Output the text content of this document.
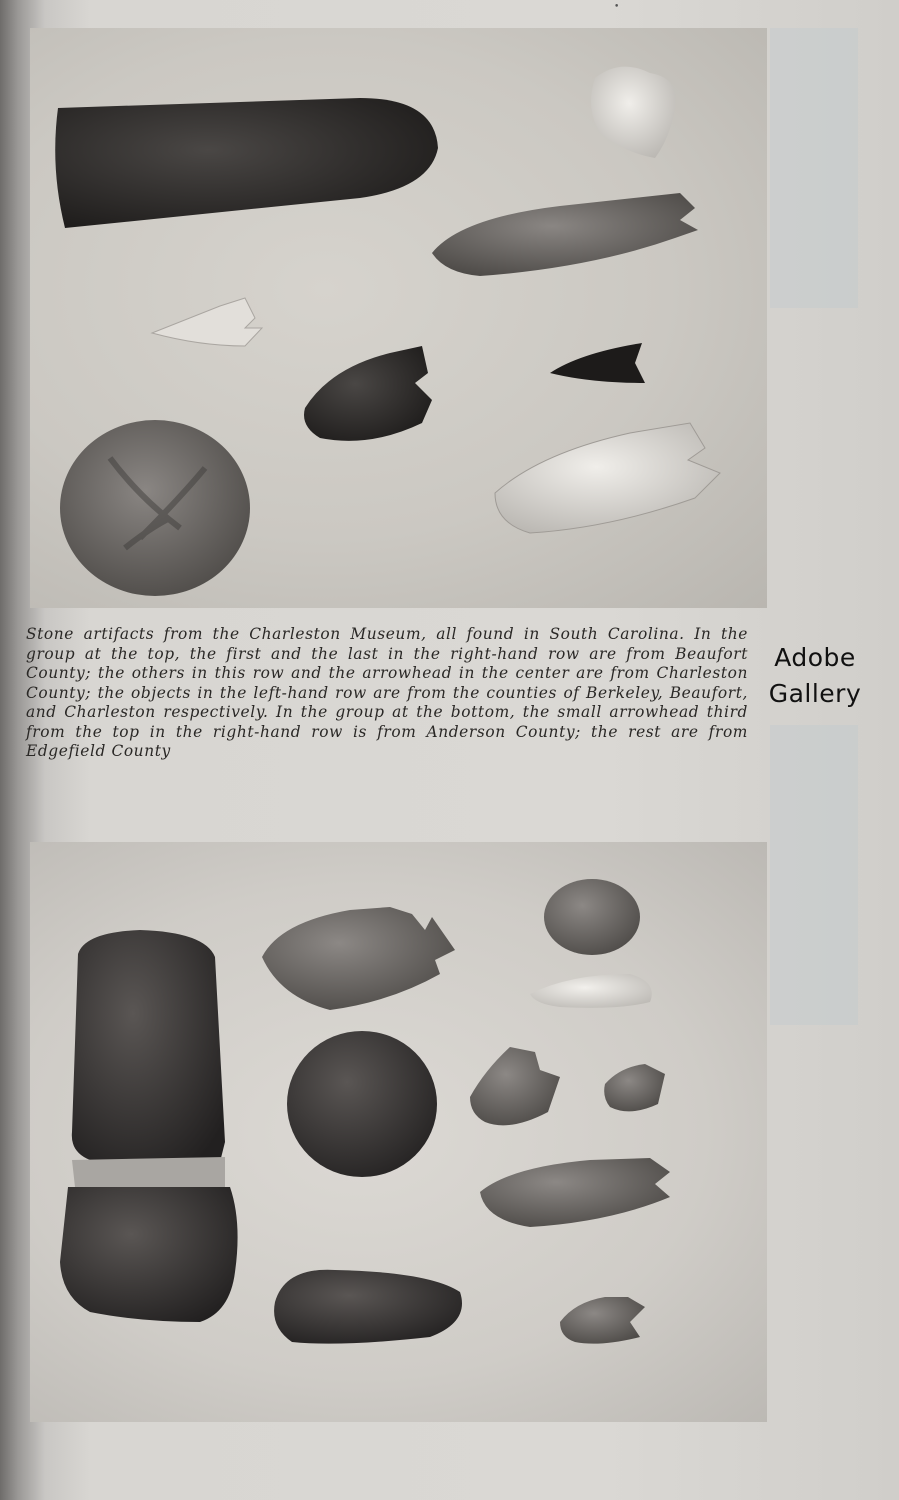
•
Stone artifacts from the Charleston Museum, all found in South Carolina. In the group at the top, the first and the last in the right-hand row are from Beaufort County; the others in this row and the arrowhead in the center are from Charleston County; the objects in the left-hand row are from the counties of Berkeley, Beaufort, and Charleston respectively. In the group at the bottom, the small arrowhead third from the top in the right-hand row is from Anderson County; the rest are from Edgefield County
Adobe
Gallery
